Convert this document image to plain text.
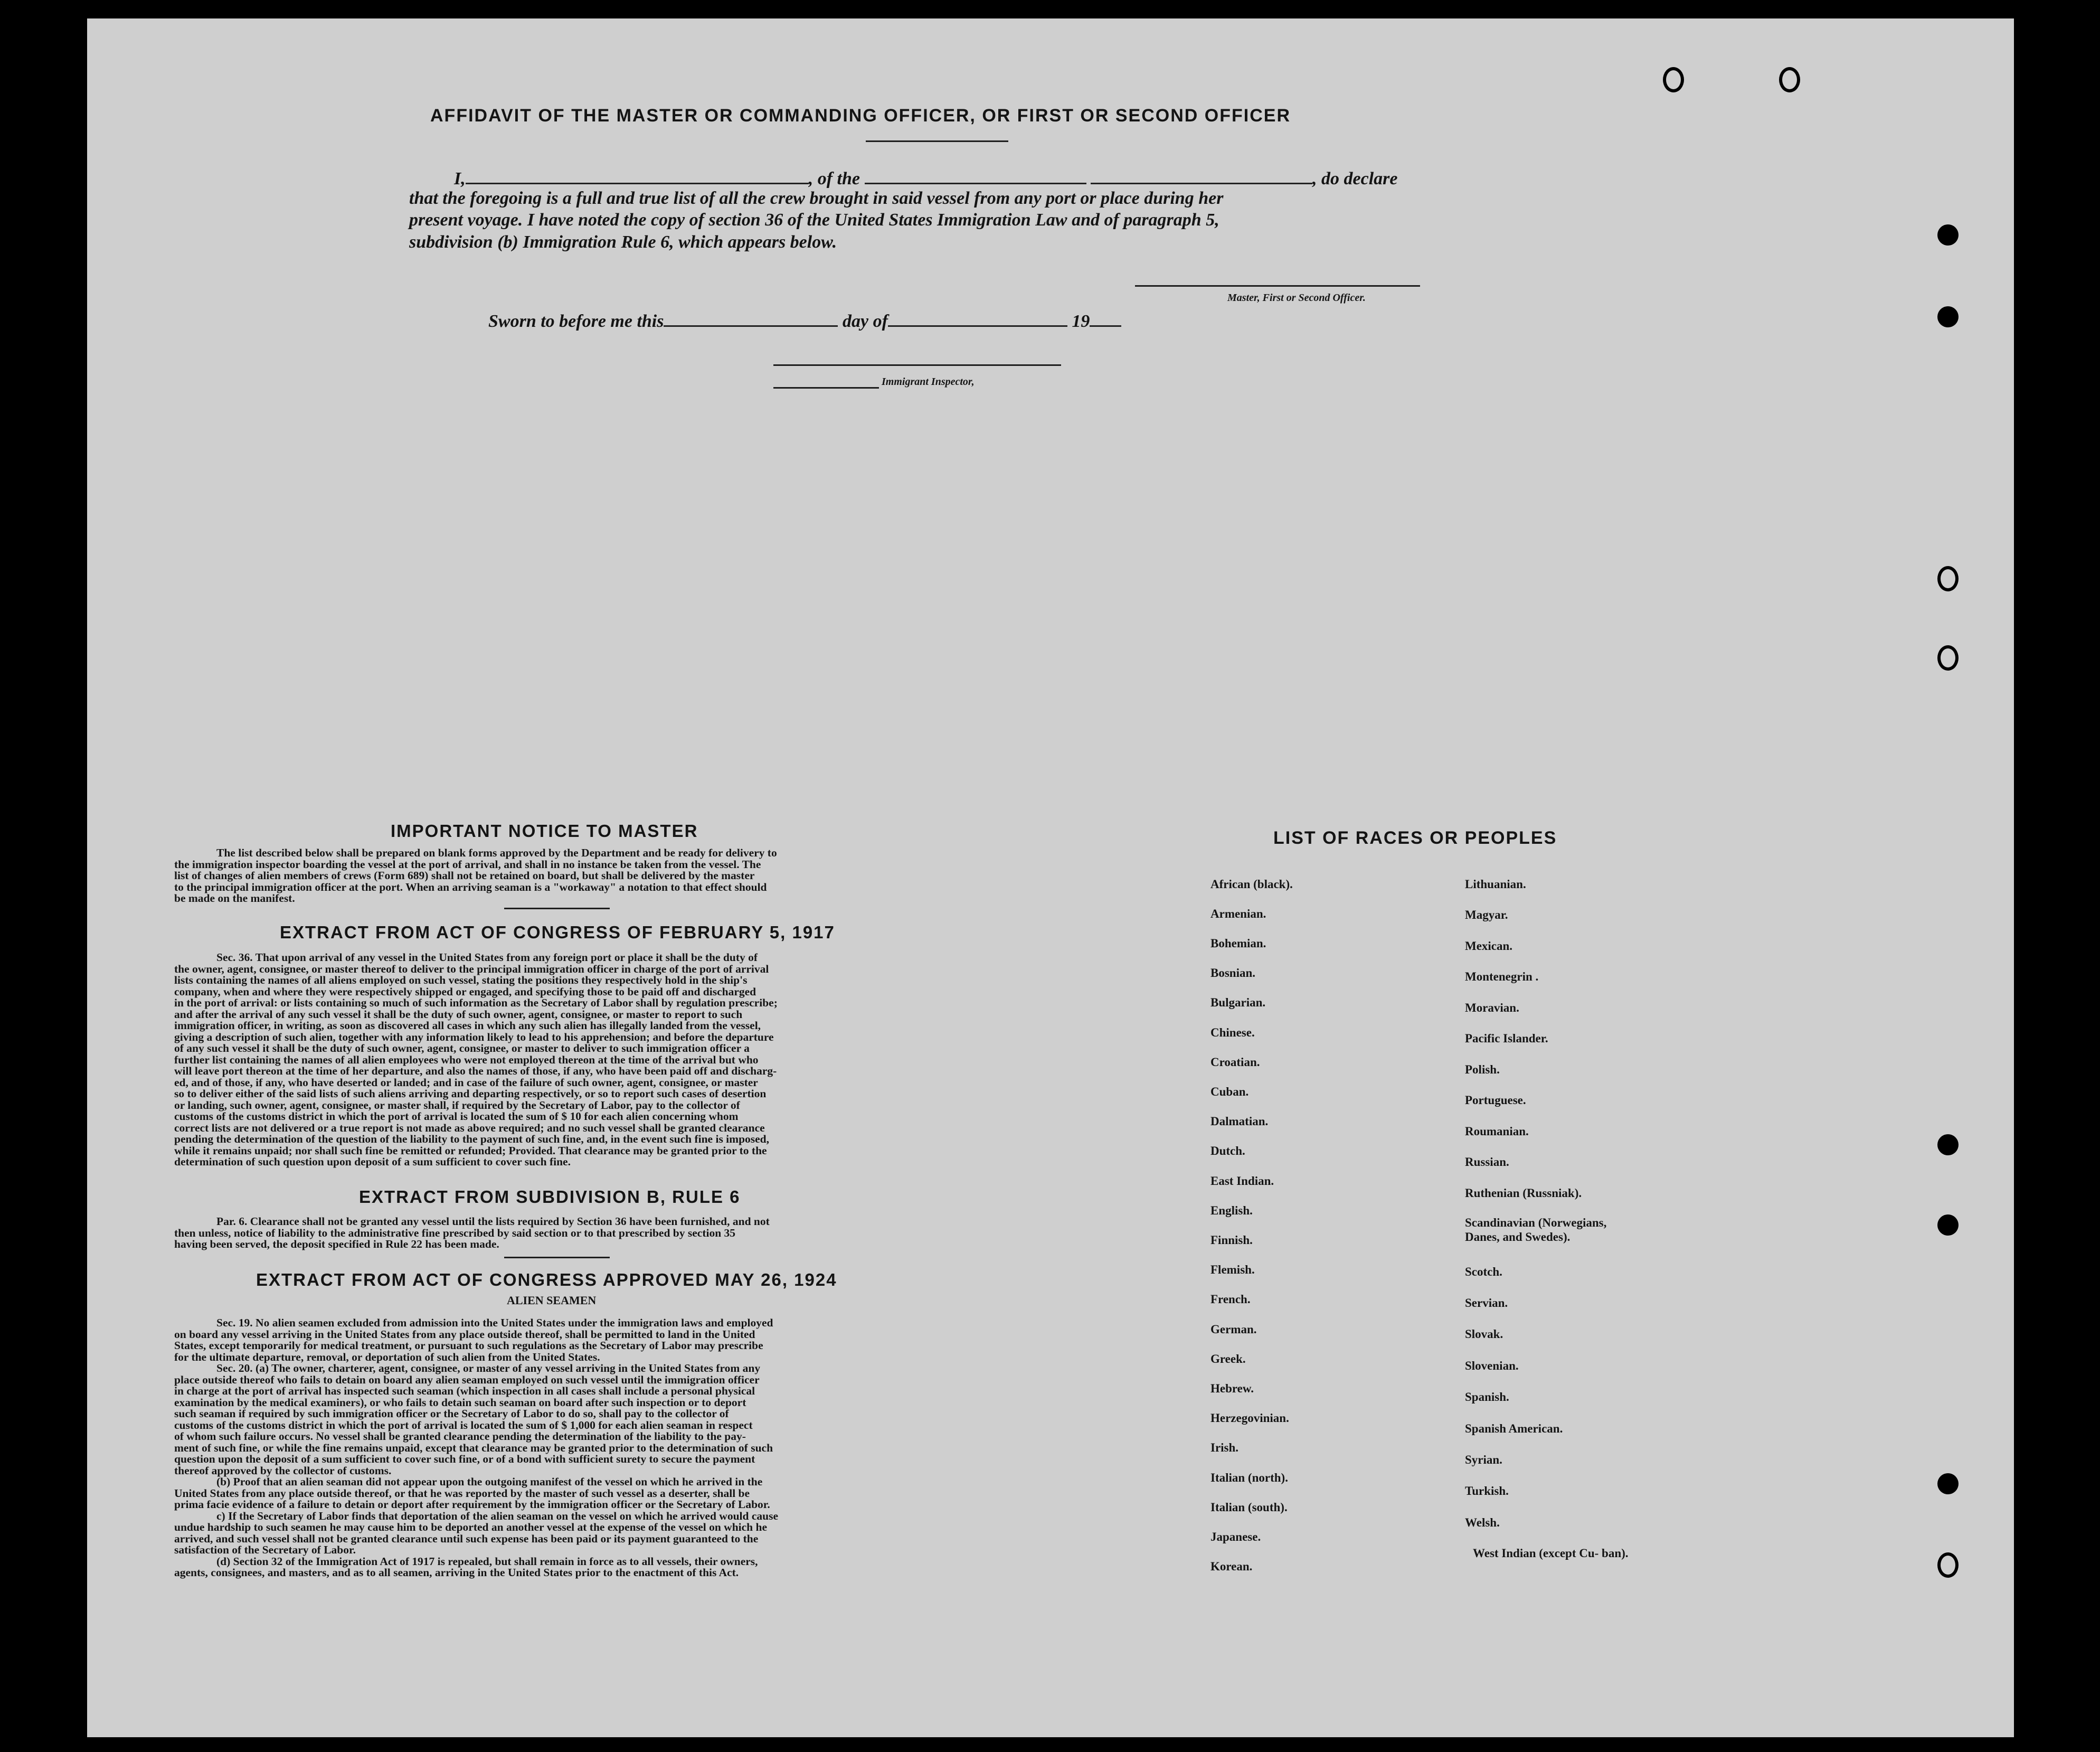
AFFIDAVIT OF THE MASTER OR COMMANDING OFFICER, OR FIRST OR SECOND OFFICER
I,	, of the	, do declare
that the foregoing is a full and true list of all the crew brought in said vessel from any port or place during her
present voyage. I have noted the copy of section 36 of the United States Immigration Law and of paragraph 5,
subdivision (b) Immigration Rule 6, which appears below.
Master, First or Second Officer.
Sworn to before me this	day of	19
Immigrant Inspector,
IMPORTANT NOTICE TO MASTER
The list described below shall be prepared on blank forms approved by the Department and be ready for delivery to
the immigration inspector boarding the vessel at the port of arrival, and shall in no instance be taken from the vessel. The
list of changes of alien members of crews (Form 689) shall not be retained on board, but shall be delivered by the master
to the principal immigration officer at the port. When an arriving seaman is a "workaway" a notation to that effect should
be made on the manifest.
EXTRACT FROM ACT OF CONGRESS OF FEBRUARY 5, 1917
Sec. 36. That upon arrival of any vessel in the United States from any foreign port or place it shall be the duty of
the owner, agent, consignee, or master thereof to deliver to the principal immigration officer in charge of the port of arrival
lists containing the names of all aliens employed on such vessel, stating the positions they respectively hold in the ship's
company, when and where they were respectively shipped or engaged, and specifying those to be paid off and discharged
in the port of arrival: or lists containing so much of such information as the Secretary of Labor shall by regulation prescribe;
and after the arrival of any such vessel it shall be the duty of such owner, agent, consignee, or master to report to such
immigration officer, in writing, as soon as discovered all cases in which any such alien has illegally landed from the vessel,
giving a description of such alien, together with any information likely to lead to his apprehension; and before the departure
of any such vessel it shall be the duty of such owner, agent, consignee, or master to deliver to such immigration officer a
further list containing the names of all alien employees who were not employed thereon at the time of the arrival but who
will leave port thereon at the time of her departure, and also the names of those, if any, who have been paid off and discharg-
ed, and of those, if any, who have deserted or landed; and in case of the failure of such owner, agent, consignee, or master
so to deliver either of the said lists of such aliens arriving and departing respectively, or so to report such cases of desertion
or landing, such owner, agent, consignee, or master shall, if required by the Secretary of Labor, pay to the collector of
customs of the customs district in which the port of arrival is located the sum of $ 10 for each alien concerning whom
correct lists are not delivered or a true report is not made as above required; and no such vessel shall be granted clearance
pending the determination of the question of the liability to the payment of such fine, and, in the event such fine is imposed,
while it remains unpaid; nor shall such fine be remitted or refunded; Provided. That clearance may be granted prior to the
determination of such question upon deposit of a sum sufficient to cover such fine.
EXTRACT FROM SUBDIVISION B, RULE 6
Par. 6. Clearance shall not be granted any vessel until the lists required by Section 36 have been furnished, and not
then unless, notice of liability to the administrative fine prescribed by said section or to that prescribed by section 35
having been served, the deposit specified in Rule 22 has been made.
EXTRACT FROM ACT OF CONGRESS APPROVED MAY 26, 1924
ALIEN SEAMEN
Sec. 19. No alien seamen excluded from admission into the United States under the immigration laws and employed
on board any vessel arriving in the United States from any place outside thereof, shall be permitted to land in the United
States, except temporarily for medical treatment, or pursuant to such regulations as the Secretary of Labor may prescribe
for the ultimate departure, removal, or deportation of such alien from the United States.
Sec. 20. (a) The owner, charterer, agent, consignee, or master of any vessel arriving in the United States from any
place outside thereof who fails to detain on board any alien seaman employed on such vessel until the immigration officer
in charge at the port of arrival has inspected such seaman (which inspection in all cases shall include a personal physical
examination by the medical examiners), or who fails to detain such seaman on board after such inspection or to deport
such seaman if required by such immigration officer or the Secretary of Labor to do so, shall pay to the collector of
customs of the customs district in which the port of arrival is located the sum of $ 1,000 for each alien seaman in respect
of whom such failure occurs. No vessel shall be granted clearance pending the determination of the liability to the pay-
ment of such fine, or while the fine remains unpaid, except that clearance may be granted prior to the determination of such
question upon the deposit of a sum sufficient to cover such fine, or of a bond with sufficient surety to secure the payment
thereof approved by the collector of customs.
(b) Proof that an alien seaman did not appear upon the outgoing manifest of the vessel on which he arrived in the
United States from any place outside thereof, or that he was reported by the master of such vessel as a deserter, shall be
prima facie evidence of a failure to detain or deport after requirement by the immigration officer or the Secretary of Labor.
c) If the Secretary of Labor finds that deportation of the alien seaman on the vessel on which he arrived would cause
undue hardship to such seamen he may cause him to be deported an another vessel at the expense of the vessel on which he
arrived, and such vessel shall not be granted clearance until such expense has been paid or its payment guaranteed to the
satisfaction of the Secretary of Labor.
(d) Section 32 of the Immigration Act of 1917 is repealed, but shall remain in force as to all vessels, their owners,
agents, consignees, and masters, and as to all seamen, arriving in the United States prior to the enactment of this Act.
LIST OF RACES OR PEOPLES
African (black).
Armenian.
Bohemian.
Bosnian.
Bulgarian.
Chinese.
Croatian.
Cuban.
Dalmatian.
Dutch.
East Indian.
English.
Finnish.
Flemish.
French.
German.
Greek.
Hebrew.
Herzegovinian.
Irish.
Italian (north).
Italian (south).
Japanese.
Korean.
Lithuanian.
Magyar.
Mexican.
Montenegrin .
Moravian.
Pacific Islander.
Polish.
Portuguese.
Roumanian.
Russian.
Ruthenian (Russniak).
Scandinavian (Norwegians, Danes, and Swedes).
Scotch.
Servian.
Slovak.
Slovenian.
Spanish.
Spanish American.
Syrian.
Turkish.
Welsh.
West Indian (except Cu- ban).
